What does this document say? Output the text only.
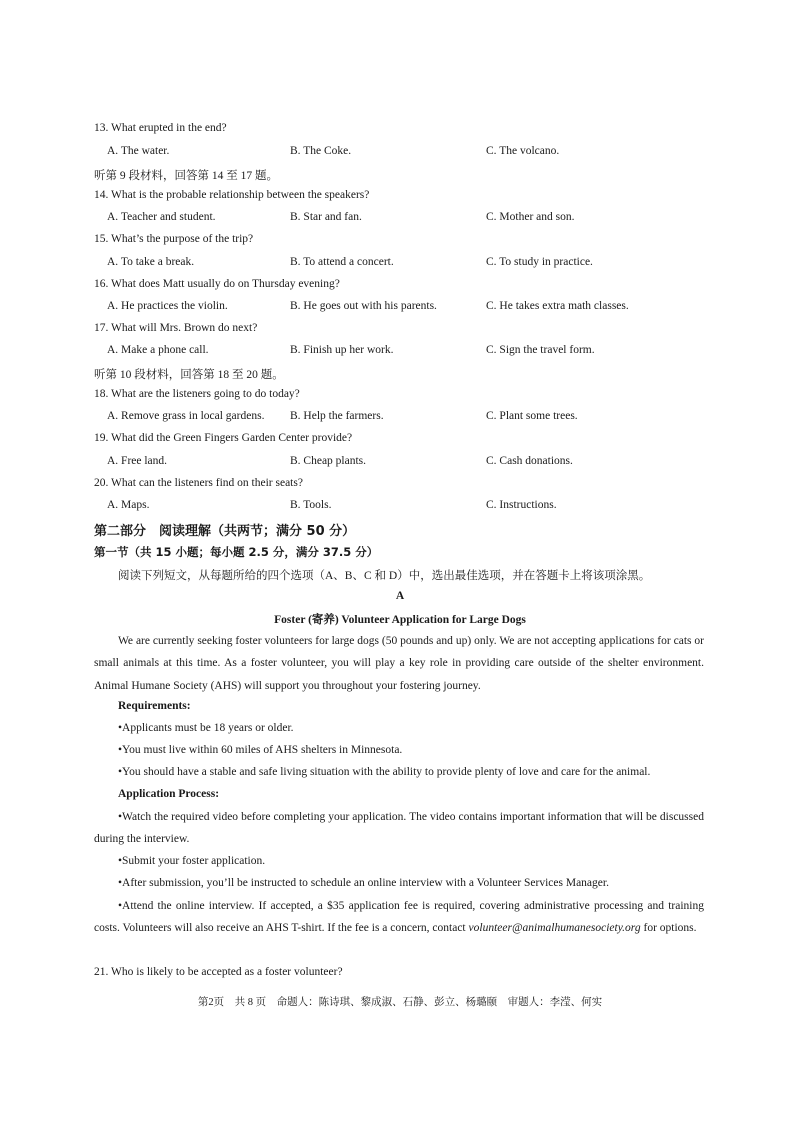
13. What erupted in the end?
A. The water.	B. The Coke.	C. The volcano.
听第 9 段材料，回答第 14 至 17 题。
14. What is the probable relationship between the speakers?
A. Teacher and student.	B. Star and fan.	C. Mother and son.
15. What’s the purpose of the trip?
A. To take a break.	B. To attend a concert.	C. To study in practice.
16. What does Matt usually do on Thursday evening?
A. He practices the violin.	B. He goes out with his parents.	C. He takes extra math classes.
17. What will Mrs. Brown do next?
A. Make a phone call.	B. Finish up her work.	C. Sign the travel form.
听第 10 段材料，回答第 18 至 20 题。
18. What are the listeners going to do today?
A. Remove grass in local gardens. B. Help the farmers.	C. Plant some trees.
19. What did the Green Fingers Garden Center provide?
A. Free land.	B. Cheap plants.	C. Cash donations.
20. What can the listeners find on their seats?
A. Maps.	B. Tools.	C. Instructions.
第二部分　阅读理解（共两节；满分 50 分）
第一节（共 15 小题；每小题 2.5 分，满分 37.5 分）
阅读下列短文，从每题所给的四个选项（A、B、C 和 D）中，选出最佳选项，并在答题卡上将该项涂黑。
A
Foster (寄养) Volunteer Application for Large Dogs

We are currently seeking foster volunteers for large dogs (50 pounds and up) only. We are not accepting applications for cats or small animals at this time. As a foster volunteer, you will play a key role in providing care outside of the shelter environment. Animal Humane Society (AHS) will support you throughout your fostering journey.

Requirements:
•Applicants must be 18 years or older.
•You must live within 60 miles of AHS shelters in Minnesota.
•You should have a stable and safe living situation with the ability to provide plenty of love and care for the animal.
Application Process:

•Watch the required video before completing your application. The video contains important information that will be discussed during the interview.

•Submit your foster application.
•After submission, you’ll be instructed to schedule an online interview with a Volunteer Services Manager.

•Attend the online interview. If accepted, a $35 application fee is required, covering administrative processing and training costs. Volunteers will also receive an AHS T-shirt. If the fee is a concern, contact volunteer@animalhumanesociety.org for options.

21. Who is likely to be accepted as a foster volunteer?
第2页　共 8 页　命题人：陈诗琪、黎成淑、石静、彭立、杨璐颐　审题人：李滢、何实
